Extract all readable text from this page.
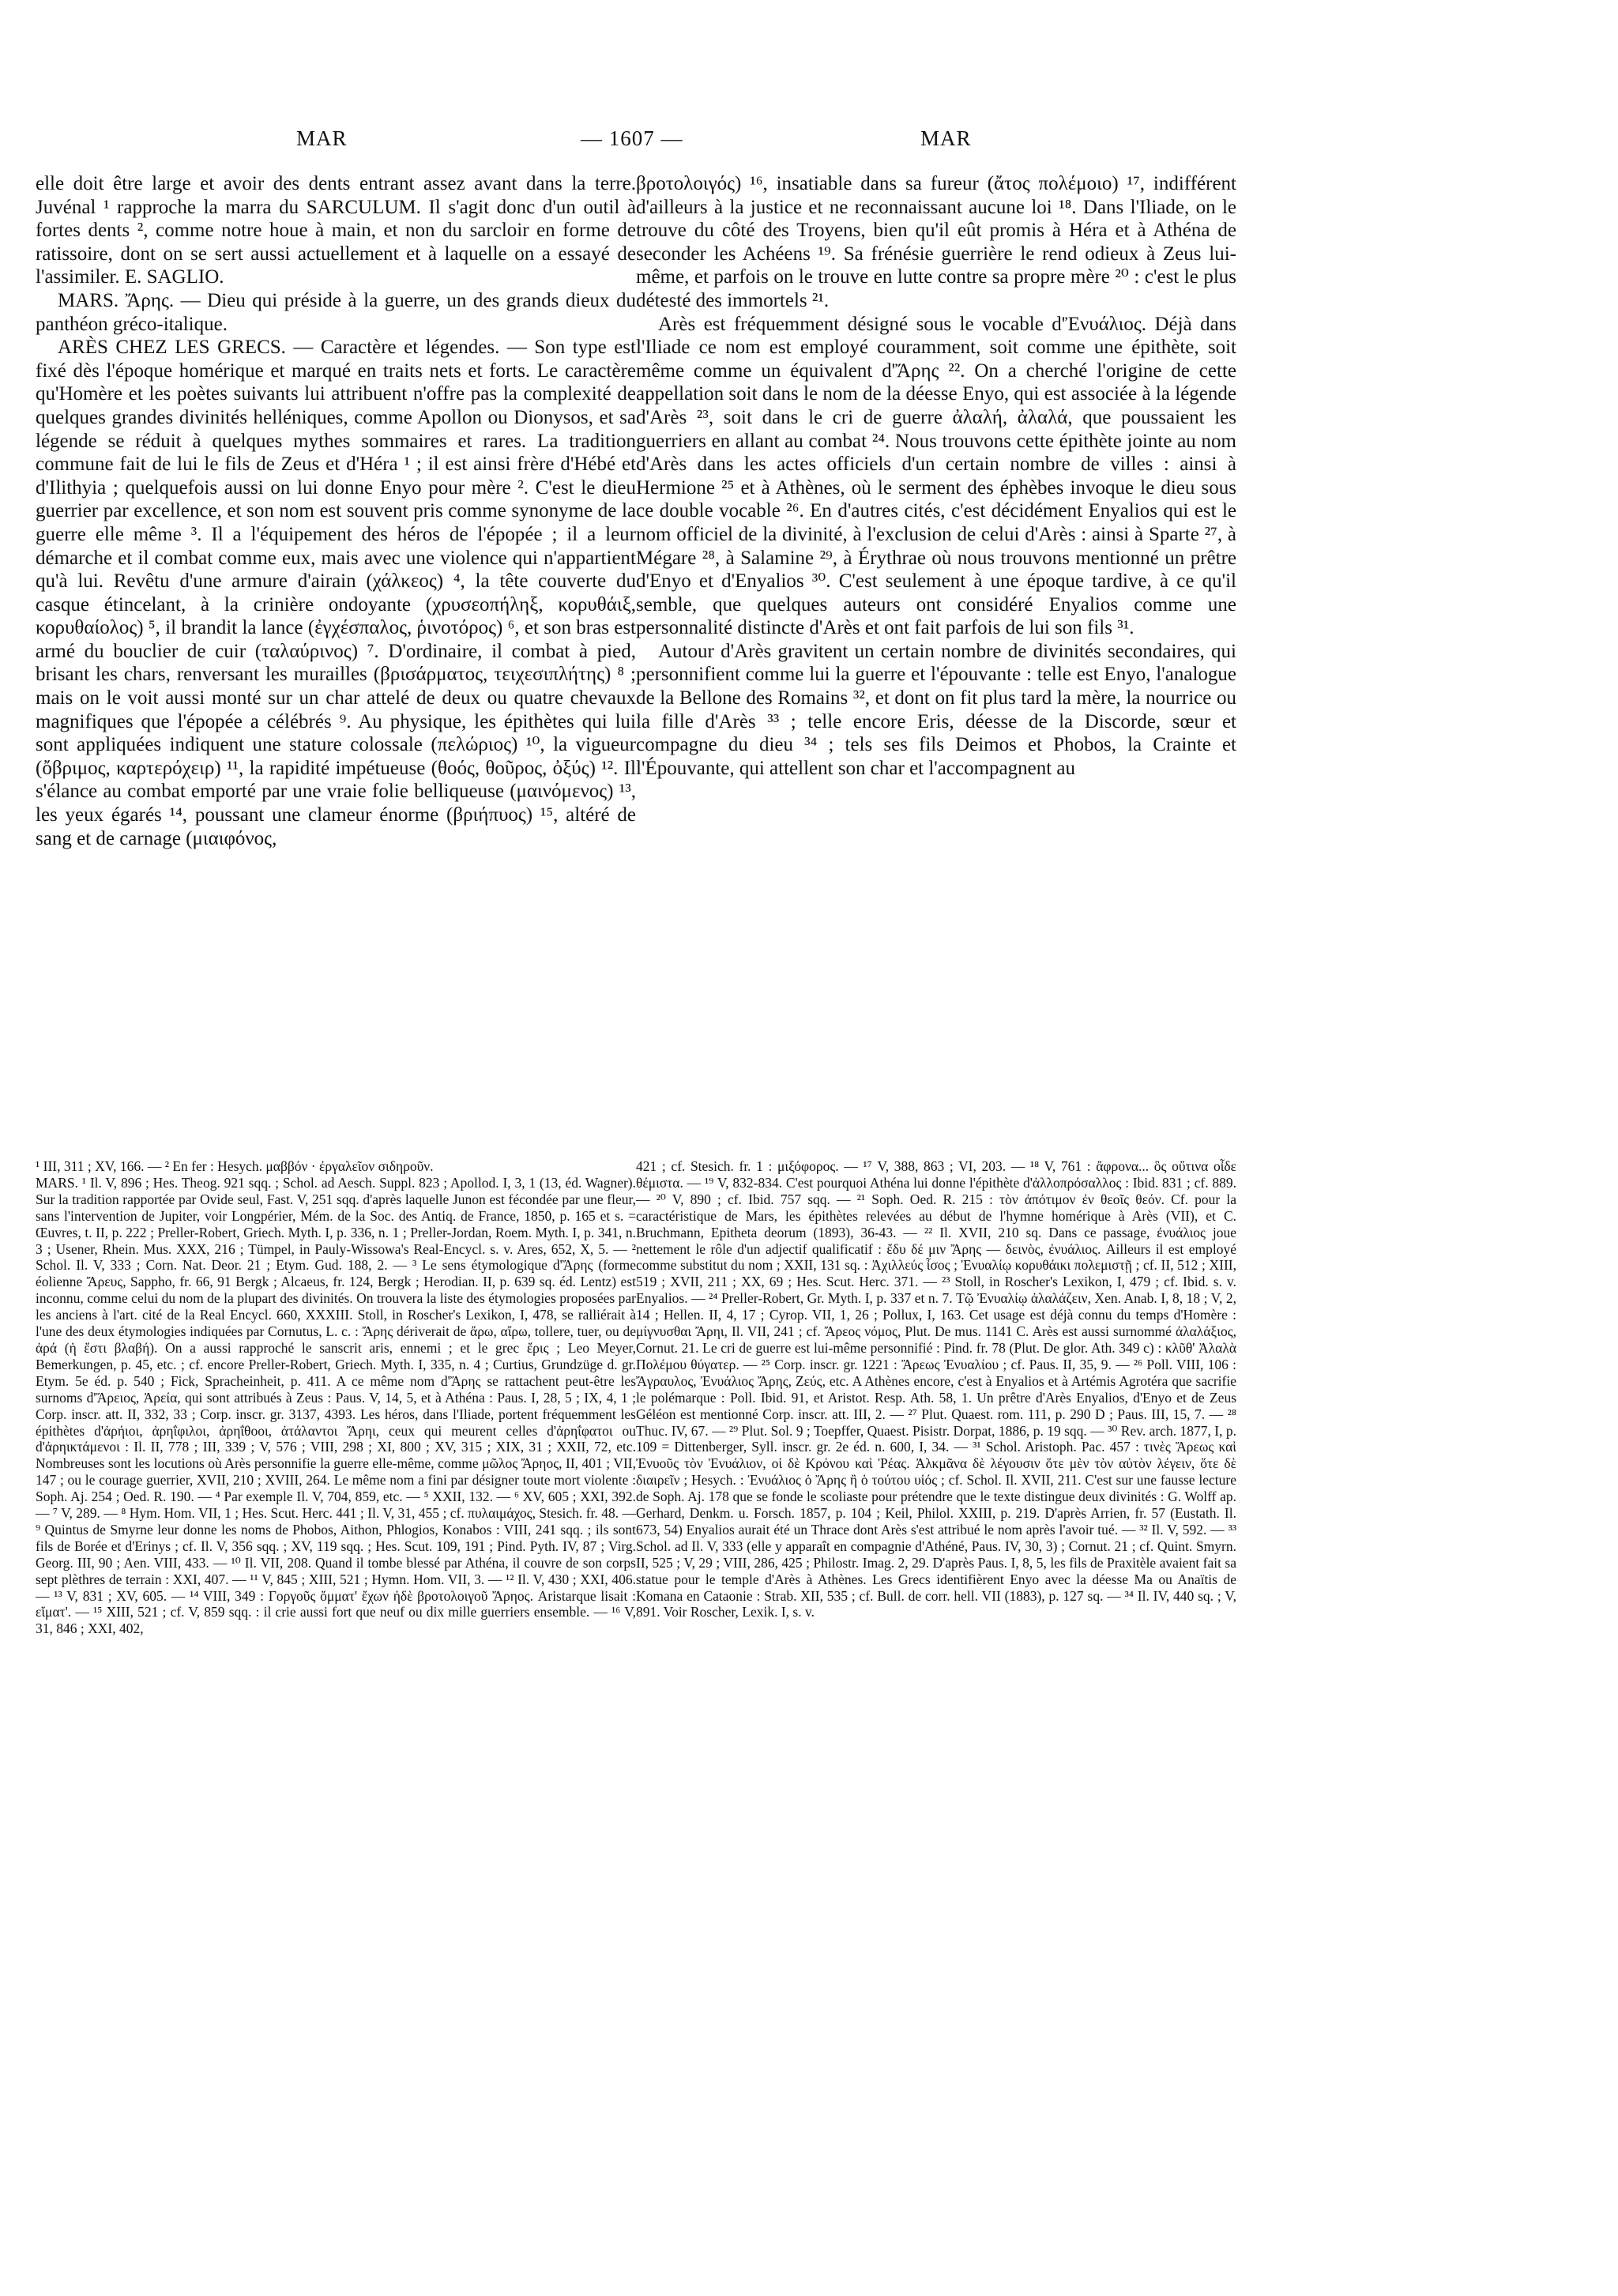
MAR	— 1607 —	MAR

elle doit être large et avoir des dents entrant assez avant dans la terre. Juvénal ¹ rapproche la marra du SARCULUM. Il s'agit donc d'un outil à fortes dents ², comme notre houe à main, et non du sarcloir en forme de ratissoire, dont on se sert aussi actuellement et à laquelle on a essayé de l'assimiler. E. SAGLIO.

MARS. Ἄρης. — Dieu qui préside à la guerre, un des grands dieux du panthéon gréco-italique.

ARÈS CHEZ LES GRECS. — Caractère et légendes. — Son type est fixé dès l'époque homérique et marqué en traits nets et forts. Le caractère qu'Homère et les poètes suivants lui attribuent n'offre pas la complexité de quelques grandes divinités helléniques, comme Apollon ou Dionysos, et sa légende se réduit à quelques mythes sommaires et rares. La tradition commune fait de lui le fils de Zeus et d'Héra ¹ ; il est ainsi frère d'Hébé et d'Ilithyia ; quelquefois aussi on lui donne Enyo pour mère ². C'est le dieu guerrier par excellence, et son nom est souvent pris comme synonyme de la guerre elle même ³. Il a l'équipement des héros de l'épopée ; il a leur démarche et il combat comme eux, mais avec une violence qui n'appartient qu'à lui. Revêtu d'une armure d'airain (χάλκεος) ⁴, la tête couverte du casque étincelant, à la crinière ondoyante (χρυσεοπήληξ, κορυθάιξ, κορυθαίολος) ⁵, il brandit la lance (ἐγχέσπαλος, ῥινοτόρος) ⁶, et son bras est armé du bouclier de cuir (ταλαύρινος) ⁷. D'ordinaire, il combat à pied, brisant les chars, renversant les murailles (βρισάρματος, τειχεσιπλήτης) ⁸ ; mais on le voit aussi monté sur un char attelé de deux ou quatre chevaux magnifiques que l'épopée a célébrés ⁹. Au physique, les épithètes qui lui sont appliquées indiquent une stature colossale (πελώριος) ¹⁰, la vigueur (ὄβριμος, καρτερόχειρ) ¹¹, la rapidité impétueuse (θοός, θοῦρος, ὀξύς) ¹². Il s'élance au combat emporté par une vraie folie belliqueuse (μαινόμενος) ¹³, les yeux égarés ¹⁴, poussant une clameur énorme (βριήπυος) ¹⁵, altéré de sang et de carnage (μιαιφόνος,

βροτολοιγός) ¹⁶, insatiable dans sa fureur (ἄτος πολέμοιο) ¹⁷, indifférent d'ailleurs à la justice et ne reconnaissant aucune loi ¹⁸. Dans l'Iliade, on le trouve du côté des Troyens, bien qu'il eût promis à Héra et à Athéna de seconder les Achéens ¹⁹. Sa frénésie guerrière le rend odieux à Zeus lui-même, et parfois on le trouve en lutte contre sa propre mère ²⁰ : c'est le plus détesté des immortels ²¹.

Arès est fréquemment désigné sous le vocable d'Ἐνυάλιος. Déjà dans l'Iliade ce nom est employé couramment, soit comme une épithète, soit même comme un équivalent d'Ἄρης ²². On a cherché l'origine de cette appellation soit dans le nom de la déesse Enyo, qui est associée à la légende d'Arès ²³, soit dans le cri de guerre ἀλαλή, ἀλαλά, que poussaient les guerriers en allant au combat ²⁴. Nous trouvons cette épithète jointe au nom d'Arès dans les actes officiels d'un certain nombre de villes : ainsi à Hermione ²⁵ et à Athènes, où le serment des éphèbes invoque le dieu sous ce double vocable ²⁶. En d'autres cités, c'est décidément Enyalios qui est le nom officiel de la divinité, à l'exclusion de celui d'Arès : ainsi à Sparte ²⁷, à Mégare ²⁸, à Salamine ²⁹, à Érythrae où nous trouvons mentionné un prêtre d'Enyo et d'Enyalios ³⁰. C'est seulement à une époque tardive, à ce qu'il semble, que quelques auteurs ont considéré Enyalios comme une personnalité distincte d'Arès et ont fait parfois de lui son fils ³¹.

Autour d'Arès gravitent un certain nombre de divinités secondaires, qui personnifient comme lui la guerre et l'épouvante : telle est Enyo, l'analogue de la Bellone des Romains ³², et dont on fit plus tard la mère, la nourrice ou la fille d'Arès ³³ ; telle encore Eris, déesse de la Discorde, sœur et compagne du dieu ³⁴ ; tels ses fils Deimos et Phobos, la Crainte et l'Épouvante, qui attellent son char et l'accompagnent au

¹ III, 311 ; XV, 166. — ² En fer : Hesych. μαββόν · ἐργαλεῖον σιδηροῦν.

MARS. ¹ Il. V, 896 ; Hes. Theog. 921 sqq. ; Schol. ad Aesch. Suppl. 823 ; Apollod. I, 3, 1 (13, éd. Wagner). Sur la tradition rapportée par Ovide seul, Fast. V, 251 sqq. d'après laquelle Junon est fécondée par une fleur, sans l'intervention de Jupiter, voir Longpérier, Mém. de la Soc. des Antiq. de France, 1850, p. 165 et s. = Œuvres, t. II, p. 222 ; Preller-Robert, Griech. Myth. I, p. 336, n. 1 ; Preller-Jordan, Roem. Myth. I, p. 341, n. 3 ; Usener, Rhein. Mus. XXX, 216 ; Tümpel, in Pauly-Wissowa's Real-Encycl. s. v. Ares, 652, X, 5. — ² Schol. Il. V, 333 ; Corn. Nat. Deor. 21 ; Etym. Gud. 188, 2. — ³ Le sens étymologique d'Ἄρης (forme éolienne Ἄρευς, Sappho, fr. 66, 91 Bergk ; Alcaeus, fr. 124, Bergk ; Herodian. II, p. 639 sq. éd. Lentz) est inconnu, comme celui du nom de la plupart des divinités. On trouvera la liste des étymologies proposées par les anciens à l'art. cité de la Real Encycl. 660, XXXIII. Stoll, in Roscher's Lexikon, I, 478, se ralliérait à l'une des deux étymologies indiquées par Cornutus, L. c. : Ἄρης dériverait de ἄρω, αἴρω, tollere, tuer, ou de ἀρά (ἡ ἔστι βλαβή). On a aussi rapproché le sanscrit aris, ennemi ; et le grec ἔρις ; Leo Meyer, Bemerkungen, p. 45, etc. ; cf. encore Preller-Robert, Griech. Myth. I, 335, n. 4 ; Curtius, Grundzüge d. gr. Etym. 5e éd. p. 540 ; Fick, Spracheinheit, p. 411. A ce même nom d'Ἄρης se rattachent peut-être les surnoms d'Ἄρειος, Ἀρεία, qui sont attribués à Zeus : Paus. V, 14, 5, et à Athéna : Paus. I, 28, 5 ; IX, 4, 1 ; Corp. inscr. att. II, 332, 33 ; Corp. inscr. gr. 3137, 4393. Les héros, dans l'Iliade, portent fréquemment les épithètes d'ἀρήιοι, ἀρηΐφιλοι, ἀρηΐθοοι, ἀτάλαντοι Ἄρηι, ceux qui meurent celles d'ἀρηΐφατοι ou d'ἀρηικτάμενοι : Il. II, 778 ; III, 339 ; V, 576 ; VIII, 298 ; XI, 800 ; XV, 315 ; XIX, 31 ; XXII, 72, etc. Nombreuses sont les locutions où Arès personnifie la guerre elle-même, comme μῶλος Ἄρηος, II, 401 ; VII, 147 ; ou le courage guerrier, XVII, 210 ; XVIII, 264. Le même nom a fini par désigner toute mort violente : Soph. Aj. 254 ; Oed. R. 190. — ⁴ Par exemple Il. V, 704, 859, etc. — ⁵ XXII, 132. — ⁶ XV, 605 ; XXI, 392. — ⁷ V, 289. — ⁸ Hym. Hom. VII, 1 ; Hes. Scut. Herc. 441 ; Il. V, 31, 455 ; cf. πυλαιμάχος, Stesich. fr. 48. — ⁹ Quintus de Smyrne leur donne les noms de Phobos, Aithon, Phlogios, Konabos : VIII, 241 sqq. ; ils sont fils de Borée et d'Erinys ; cf. Il. V, 356 sqq. ; XV, 119 sqq. ; Hes. Scut. 109, 191 ; Pind. Pyth. IV, 87 ; Virg. Georg. III, 90 ; Aen. VIII, 433. — ¹⁰ Il. VII, 208. Quand il tombe blessé par Athéna, il couvre de son corps sept plèthres de terrain : XXI, 407. — ¹¹ V, 845 ; XIII, 521 ; Hymn. Hom. VII, 3. — ¹² Il. V, 430 ; XXI, 406. — ¹³ V, 831 ; XV, 605. — ¹⁴ VIII, 349 : Γοργοῦς ὄμματ' ἔχων ἠδὲ βροτολοιγοῦ Ἄρηος. Aristarque lisait : εἴματ'. — ¹⁵ XIII, 521 ; cf. V, 859 sqq. : il crie aussi fort que neuf ou dix mille guerriers ensemble. — ¹⁶ V, 31, 846 ; XXI, 402,

421 ; cf. Stesich. fr. 1 : μιξόφορος. — ¹⁷ V, 388, 863 ; VI, 203. — ¹⁸ V, 761 : ἄφρονα... ὃς οὔτινα οἶδε θέμιστα. — ¹⁹ V, 832-834. C'est pourquoi Athéna lui donne l'épithète d'ἀλλοπρόσαλλος : Ibid. 831 ; cf. 889. — ²⁰ V, 890 ; cf. Ibid. 757 sqq. — ²¹ Soph. Oed. R. 215 : τὸν ἀπότιμον ἐν θεοῖς θεόν. Cf. pour la caractéristique de Mars, les épithètes relevées au début de l'hymne homérique à Arès (VII), et C. Bruchmann, Epitheta deorum (1893), 36-43. — ²² Il. XVII, 210 sq. Dans ce passage, ἐνυάλιος joue nettement le rôle d'un adjectif qualificatif : ἔδυ δέ μιν Ἄρης — δεινὸς, ἐνυάλιος. Ailleurs il est employé comme substitut du nom ; XXII, 131 sq. : Ἀχιλλεύς ἶσος ; Ἐνυαλίῳ κορυθάικι πολεμιστῇ ; cf. II, 512 ; XIII, 519 ; XVII, 211 ; XX, 69 ; Hes. Scut. Herc. 371. — ²³ Stoll, in Roscher's Lexikon, I, 479 ; cf. Ibid. s. v. Enyalios. — ²⁴ Preller-Robert, Gr. Myth. I, p. 337 et n. 7. Τῷ Ἐνυαλίῳ ἀλαλάζειν, Xen. Anab. I, 8, 18 ; V, 2, 14 ; Hellen. II, 4, 17 ; Cyrop. VII, 1, 26 ; Pollux, I, 163. Cet usage est déjà connu du temps d'Homère : μίγνυσθαι Ἄρηι, Il. VII, 241 ; cf. Ἄρεος νόμος, Plut. De mus. 1141 C. Arès est aussi surnommé ἀλαλάξιος, Cornut. 21. Le cri de guerre est lui-même personnifié : Pind. fr. 78 (Plut. De glor. Ath. 349 c) : κλῦθ' Ἀλαλὰ Πολέμου θύγατερ. — ²⁵ Corp. inscr. gr. 1221 : Ἄρεως Ἐνυαλίου ; cf. Paus. II, 35, 9. — ²⁶ Poll. VIII, 106 : Ἄγραυλος, Ἐνυάλιος Ἄρης, Ζεύς, etc. A Athènes encore, c'est à Enyalios et à Artémis Agrotéra que sacrifie le polémarque : Poll. Ibid. 91, et Aristot. Resp. Ath. 58, 1. Un prêtre d'Arès Enyalios, d'Enyo et de Zeus Géléon est mentionné Corp. inscr. att. III, 2. — ²⁷ Plut. Quaest. rom. 111, p. 290 D ; Paus. III, 15, 7. — ²⁸ Thuc. IV, 67. — ²⁹ Plut. Sol. 9 ; Toepffer, Quaest. Pisistr. Dorpat, 1886, p. 19 sqq. — ³⁰ Rev. arch. 1877, I, p. 109 = Dittenberger, Syll. inscr. gr. 2e éd. n. 600, I, 34. — ³¹ Schol. Aristoph. Pac. 457 : τινὲς Ἄρεως καὶ Ἐνυοῦς τὸν Ἐνυάλιον, οἱ δὲ Κρόνου καὶ Ῥέας. Ἀλκμᾶνα δὲ λέγουσιν ὅτε μὲν τὸν αὐτὸν λέγειν, ὅτε δὲ διαιρεῖν ; Hesych. : Ἐνυάλιος ὁ Ἄρης ἢ ὁ τούτου υἱός ; cf. Schol. Il. XVII, 211. C'est sur une fausse lecture de Soph. Aj. 178 que se fonde le scoliaste pour prétendre que le texte distingue deux divinités : G. Wolff ap. Gerhard, Denkm. u. Forsch. 1857, p. 104 ; Keil, Philol. XXIII, p. 219. D'après Arrien, fr. 57 (Eustath. Il. 673, 54) Enyalios aurait été un Thrace dont Arès s'est attribué le nom après l'avoir tué. — ³² Il. V, 592. — ³³ Schol. ad Il. V, 333 (elle y apparaît en compagnie d'Athéné, Paus. IV, 30, 3) ; Cornut. 21 ; cf. Quint. Smyrn. II, 525 ; V, 29 ; VIII, 286, 425 ; Philostr. Imag. 2, 29. D'après Paus. I, 8, 5, les fils de Praxitèle avaient fait sa statue pour le temple d'Arès à Athènes. Les Grecs identifièrent Enyo avec la déesse Ma ou Anaïtis de Komana en Cataonie : Strab. XII, 535 ; cf. Bull. de corr. hell. VII (1883), p. 127 sq. — ³⁴ Il. IV, 440 sq. ; V, 891. Voir Roscher, Lexik. I, s. v.
